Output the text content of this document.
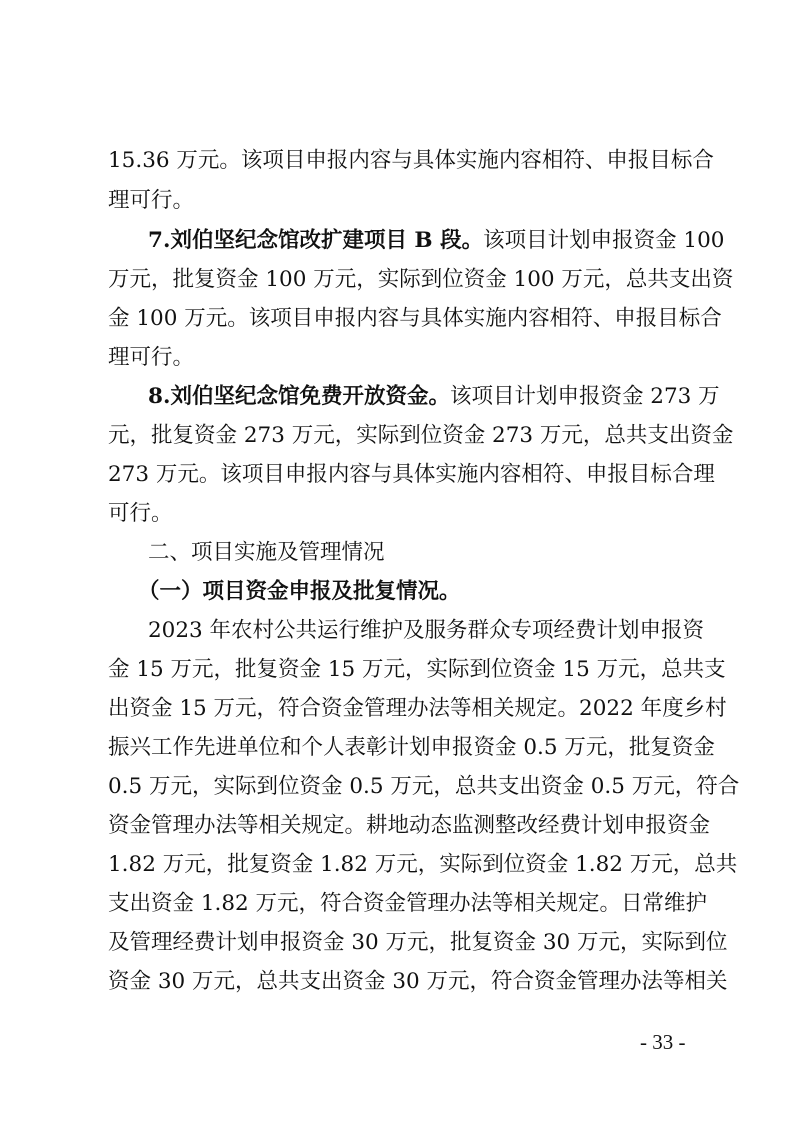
15.36 万元。该项目申报内容与具体实施内容相符、申报目标合
理可行。
7.刘伯坚纪念馆改扩建项目 B 段。该项目计划申报资金 100
万元，批复资金 100 万元，实际到位资金 100 万元，总共支出资
金 100 万元。该项目申报内容与具体实施内容相符、申报目标合
理可行。
8.刘伯坚纪念馆免费开放资金。该项目计划申报资金 273 万
元，批复资金 273 万元，实际到位资金 273 万元，总共支出资金
273 万元。该项目申报内容与具体实施内容相符、申报目标合理
可行。
二、项目实施及管理情况
（一）项目资金申报及批复情况。
2023 年农村公共运行维护及服务群众专项经费计划申报资
金 15 万元，批复资金 15 万元，实际到位资金 15 万元，总共支
出资金 15 万元，符合资金管理办法等相关规定。2022 年度乡村
振兴工作先进单位和个人表彰计划申报资金 0.5 万元，批复资金
0.5 万元，实际到位资金 0.5 万元，总共支出资金 0.5 万元，符合
资金管理办法等相关规定。耕地动态监测整改经费计划申报资金
1.82 万元，批复资金 1.82 万元，实际到位资金 1.82 万元，总共
支出资金 1.82 万元，符合资金管理办法等相关规定。日常维护
及管理经费计划申报资金 30 万元，批复资金 30 万元，实际到位
资金 30 万元，总共支出资金 30 万元，符合资金管理办法等相关
- 33 -
